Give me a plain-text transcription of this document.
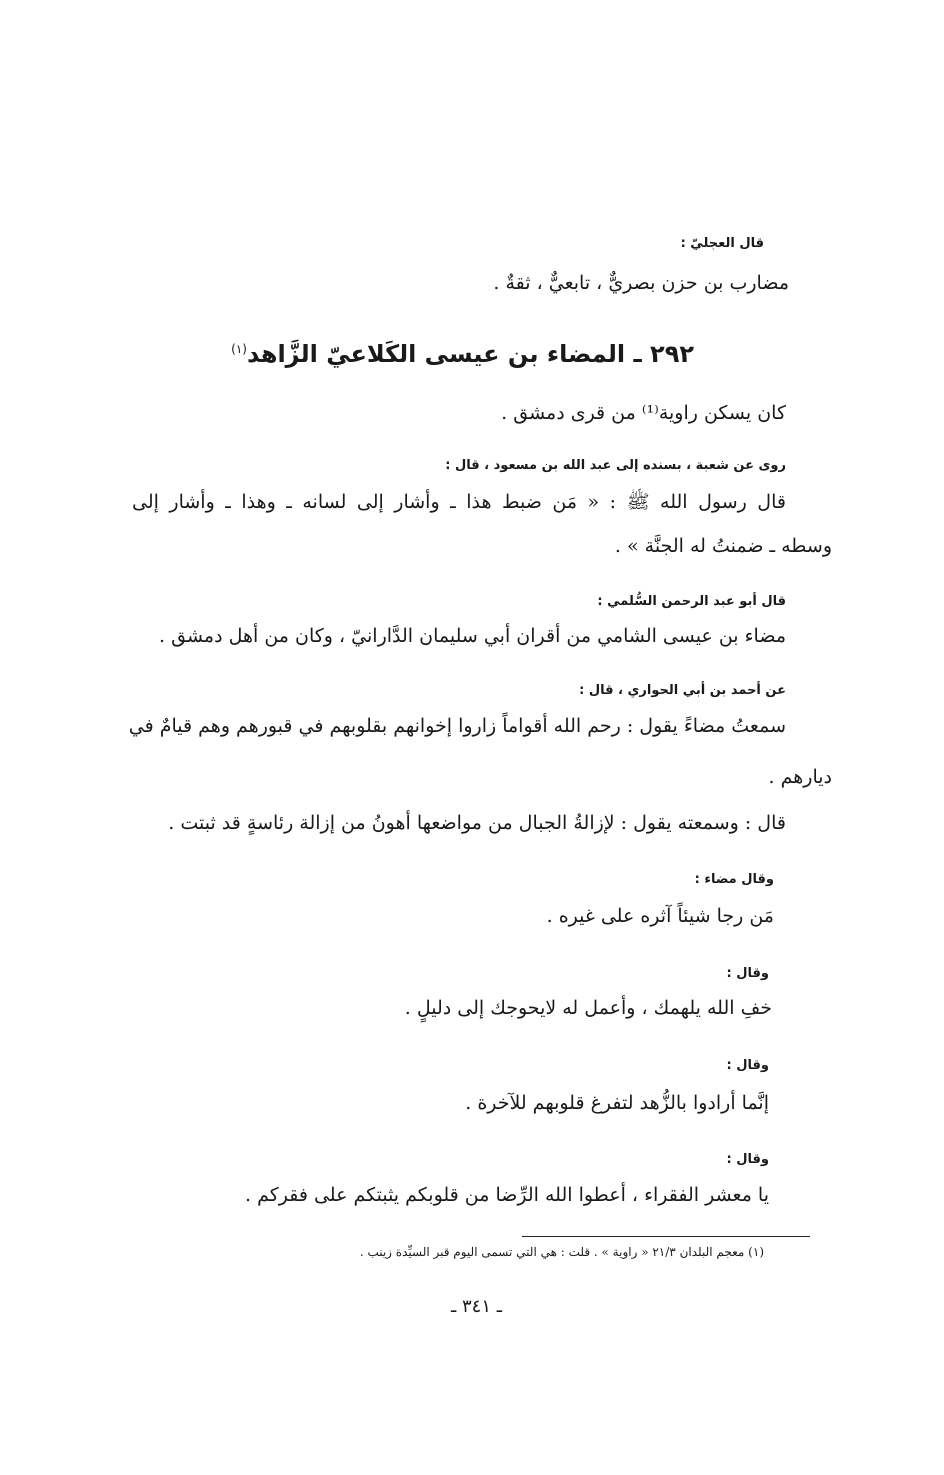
قال العجليّ :
مضارب بن حزن بصريٌّ ، تابعيٌّ ، ثقةٌ .
٢٩٢ ـ المضاء بن عيسى الكَلاعيّ الزَّاهد$^{(١)}$
كان يسكن راوية⁽¹⁾ من قرى دمشق .
روى عن شعبة ، بسنده إلى عبد الله بن مسعود ، قال :
قال رسول الله ﷺ : « مَن ضبط هذا ـ وأشار إلى لسانه ـ وهذا ـ وأشار إلى
وسطه ـ ضمنتُ له الجنَّة » .
قال أبو عبد الرحمن السُّلمي :
مضاء بن عيسى الشامي من أقران أبي سليمان الدَّارانيّ ، وكان من أهل دمشق .
عن أحمد بن أبي الحواري ، قال :
سمعتُ مضاءً يقول : رحم الله أقواماً زاروا إخوانهم بقلوبهم في قبورهم وهم قيامٌ في
ديارهم .
قال : وسمعته يقول : لإزالةُ الجبال من مواضعها أهونُ من إزالة رئاسةٍ قد ثبتت .
وقال مضاء :
مَن رجا شيئاً آثره على غيره .
وقال :
خفِ الله يلهمك ، وأعمل له لايحوجك إلى دليلٍ .
وقال :
إنَّما أرادوا بالزُّهد لتفرغ قلوبهم للآخرة .
وقال :
يا معشر الفقراء ، أعطوا الله الرِّضا من قلوبكم يثبتكم على فقركم .
(١) معجم البلدان ٢١/٣ « راوية » . قلت : هي التي تسمى اليوم قبر السيِّدة زينب .
ـ ٣٤١ ـ
